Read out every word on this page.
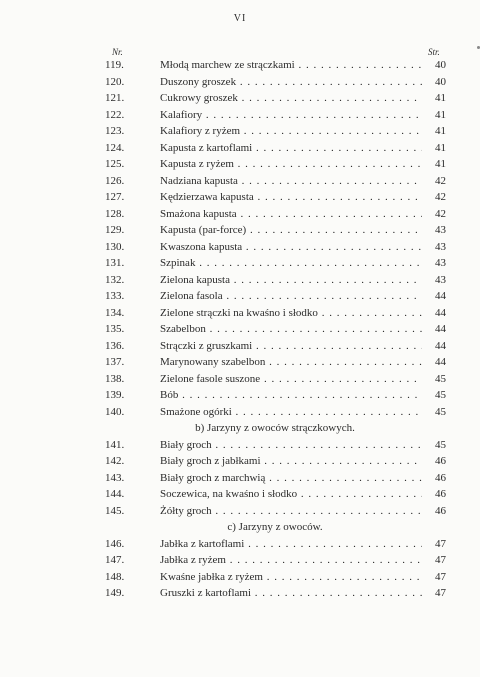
VI
Nr.	Str.
119.	Młodą marchew ze strączkami . . .	40
120.	Duszony groszek . . .	40
121.	Cukrowy groszek . . .	41
122.	Kalafiory . . .	41
123.	Kalafiory z ryżem . . .	41
124.	Kapusta z kartoflami . . .	41
125.	Kapusta z ryżem . . .	41
126.	Nadziana kapusta . . .	42
127.	Kędzierzawa kapusta . . .	42
128.	Smażona kapusta . . .	42
129.	Kapusta (par-force) . . .	43
130.	Kwaszona kapusta . . .	43
131.	Szpinak . . .	43
132.	Zielona kapusta . . .	43
133.	Zielona fasola . . .	44
134.	Zielone strączki na kwaśno i słodko . . .	44
135.	Szabelbon . . .	44
136.	Strączki z gruszkami . . .	44
137.	Marynowany szabelbon . . .	44
138.	Zielone fasole suszone . . .	45
139.	Bób . . .	45
140.	Smażone ogórki . . .	45
b) Jarzyny z owoców strączkowych.
141.	Biały groch . . .	45
142.	Biały groch z jabłkami . . .	46
143.	Biały groch z marchwią . . .	46
144.	Soczewica, na kwaśno i słodko . . .	46
145.	Żółty groch . . .	46
c) Jarzyny z owoców.
146.	Jabłka z kartoflami . . .	47
147.	Jabłka z ryżem . . .	47
148.	Kwaśne jabłka z ryżem . . .	47
149.	Gruszki z kartoflami . . .	47
